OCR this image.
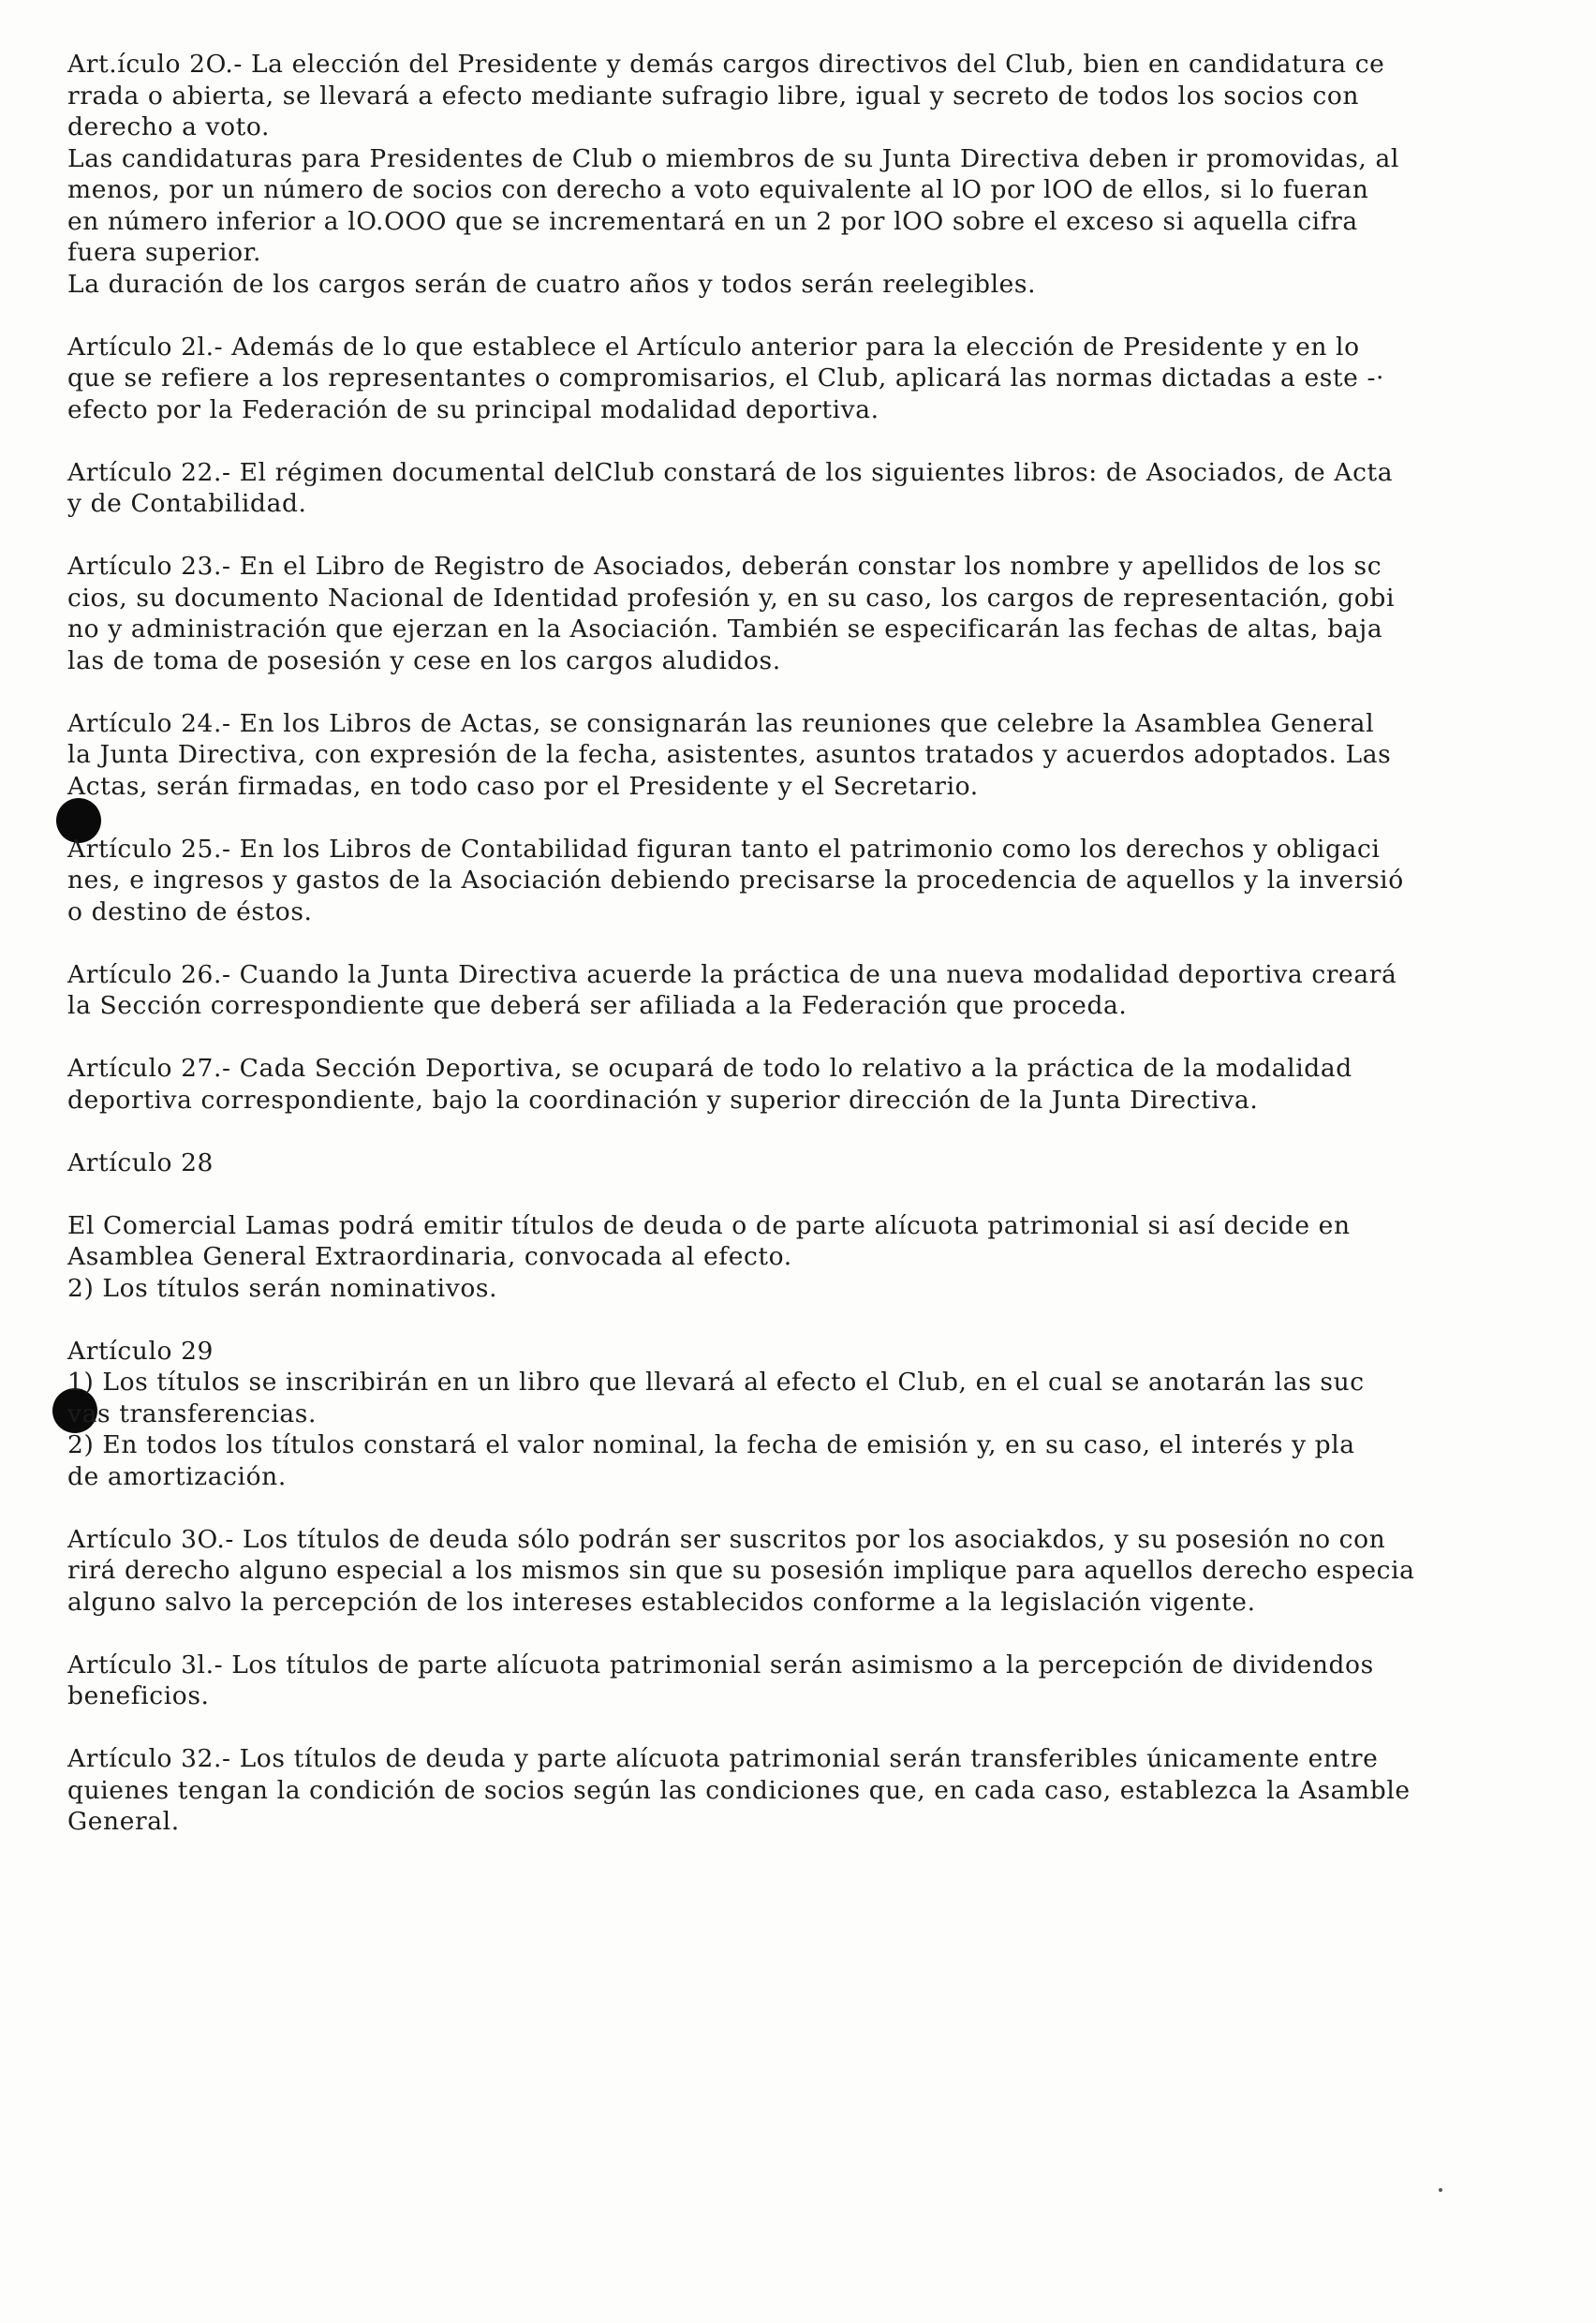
Art.ículo 2O.- La elección del Presidente y demás cargos directivos del Club, bien en candidatura ce
rrada o abierta, se llevará a efecto mediante sufragio libre, igual y secreto de todos los socios con
derecho a voto.
Las candidaturas para Presidentes de Club o miembros de su Junta Directiva deben ir promovidas, al
menos, por un número de socios con derecho a voto equivalente al lO por lOO de ellos, si lo fueran
en número inferior a lO.OOO que se incrementará en un 2 por lOO sobre el exceso si aquella cifra
fuera superior.
La duración de los cargos serán de cuatro años y todos serán reelegibles.
Artículo 2l.- Además de lo que establece el Artículo anterior para la elección de Presidente y en lo
que se refiere a los representantes o compromisarios, el Club, aplicará las normas dictadas a este -·
efecto por la Federación de su principal modalidad deportiva.
Artículo 22.- El régimen documental delClub constará de los siguientes libros: de Asociados, de Acta
y de Contabilidad.
Artículo 23.- En el Libro de Registro de Asociados, deberán constar los nombre y apellidos de los sc
cios, su documento Nacional de Identidad profesión y, en su caso, los cargos de representación, gobi
no y administración que ejerzan en la Asociación. También se especificarán las fechas de altas, baja
las de toma de posesión y cese en los cargos aludidos.
Artículo 24.- En los Libros de Actas, se consignarán las reuniones que celebre la Asamblea General
la Junta Directiva, con expresión de la fecha, asistentes, asuntos tratados y acuerdos adoptados. Las
Actas, serán firmadas, en todo caso por el Presidente y el Secretario.
Artículo 25.- En los Libros de Contabilidad figuran tanto el patrimonio como los derechos y obligaci
nes, e ingresos y gastos de la Asociación debiendo precisarse la procedencia de aquellos y la inversió
o destino de éstos.
Artículo 26.- Cuando la Junta Directiva acuerde la práctica de una nueva modalidad deportiva creará
la Sección correspondiente que deberá ser afiliada a la Federación que proceda.
Artículo 27.- Cada Sección Deportiva, se ocupará de todo lo relativo a la práctica de la modalidad
deportiva correspondiente, bajo la coordinación y superior dirección de la Junta Directiva.
Artículo 28
El Comercial Lamas podrá emitir títulos de deuda o de parte alícuota patrimonial si así decide en
Asamblea General Extraordinaria, convocada al efecto.
2) Los títulos serán nominativos.
Artículo 29
1) Los títulos se inscribirán en un libro que llevará al efecto el Club, en el cual se anotarán las suc
vas transferencias.
2) En todos los títulos constará el valor nominal, la fecha de emisión y, en su caso, el interés y pla
de amortización.
Artículo 3O.- Los títulos de deuda sólo podrán ser suscritos por los asociakdos, y su posesión no con
rirá derecho alguno especial a los mismos sin que su posesión implique para aquellos derecho especia
alguno salvo la percepción de los intereses establecidos conforme a la legislación vigente.
Artículo 3l.- Los títulos de parte alícuota patrimonial serán asimismo a la percepción de dividendos
beneficios.
Artículo 32.- Los títulos de deuda y parte alícuota patrimonial serán transferibles únicamente entre
quienes tengan la condición de socios según las condiciones que, en cada caso, establezca la Asamble
General.
